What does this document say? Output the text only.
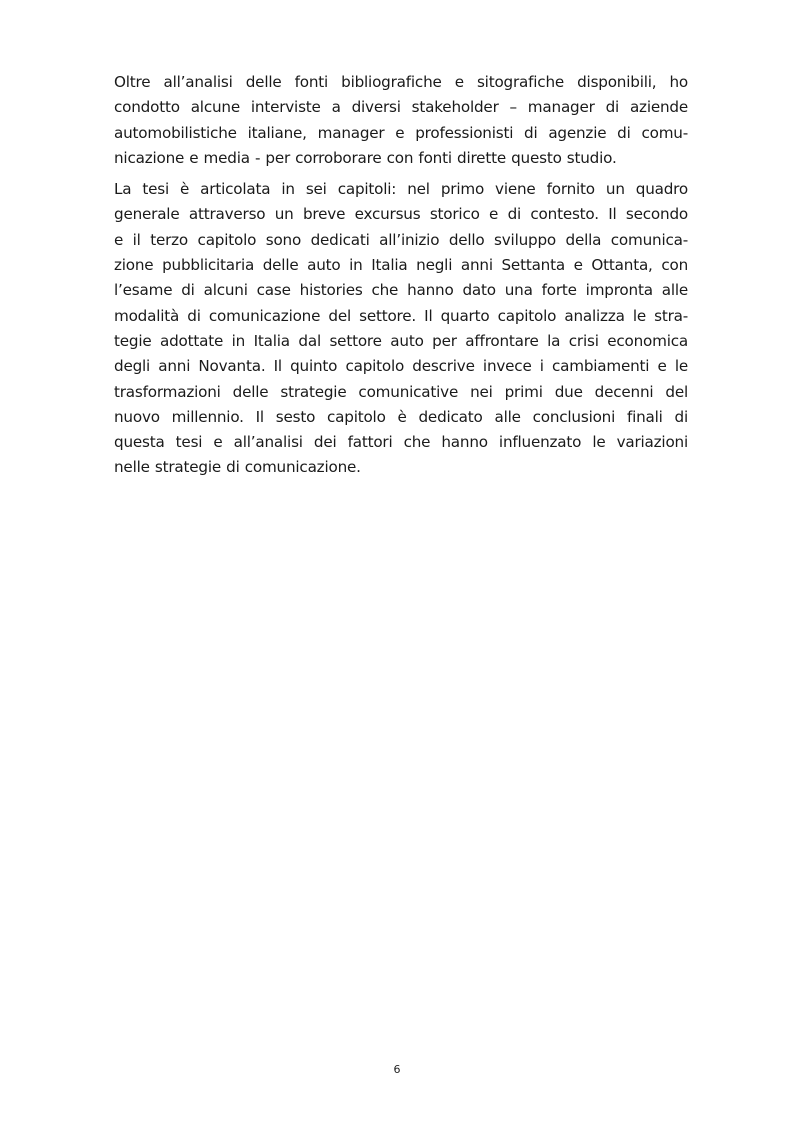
Oltre all’analisi delle fonti bibliografiche e sitografiche disponibili, ho
condotto alcune interviste a diversi stakeholder – manager di aziende
automobilistiche italiane, manager e professionisti di agenzie di comu-
nicazione e media - per corroborare con fonti dirette questo studio.

La tesi è articolata in sei capitoli: nel primo viene fornito un quadro
generale attraverso un breve excursus storico e di contesto. Il secondo
e il terzo capitolo sono dedicati all’inizio dello sviluppo della comunica-
zione pubblicitaria delle auto in Italia negli anni Settanta e Ottanta, con
l’esame di alcuni case histories che hanno dato una forte impronta alle
modalità di comunicazione del settore. Il quarto capitolo analizza le stra-
tegie adottate in Italia dal settore auto per affrontare la crisi economica
degli anni Novanta. Il quinto capitolo descrive invece i cambiamenti e le
trasformazioni delle strategie comunicative nei primi due decenni del
nuovo millennio. Il sesto capitolo è dedicato alle conclusioni finali di
questa tesi e all’analisi dei fattori che hanno influenzato le variazioni
nelle strategie di comunicazione.

6
